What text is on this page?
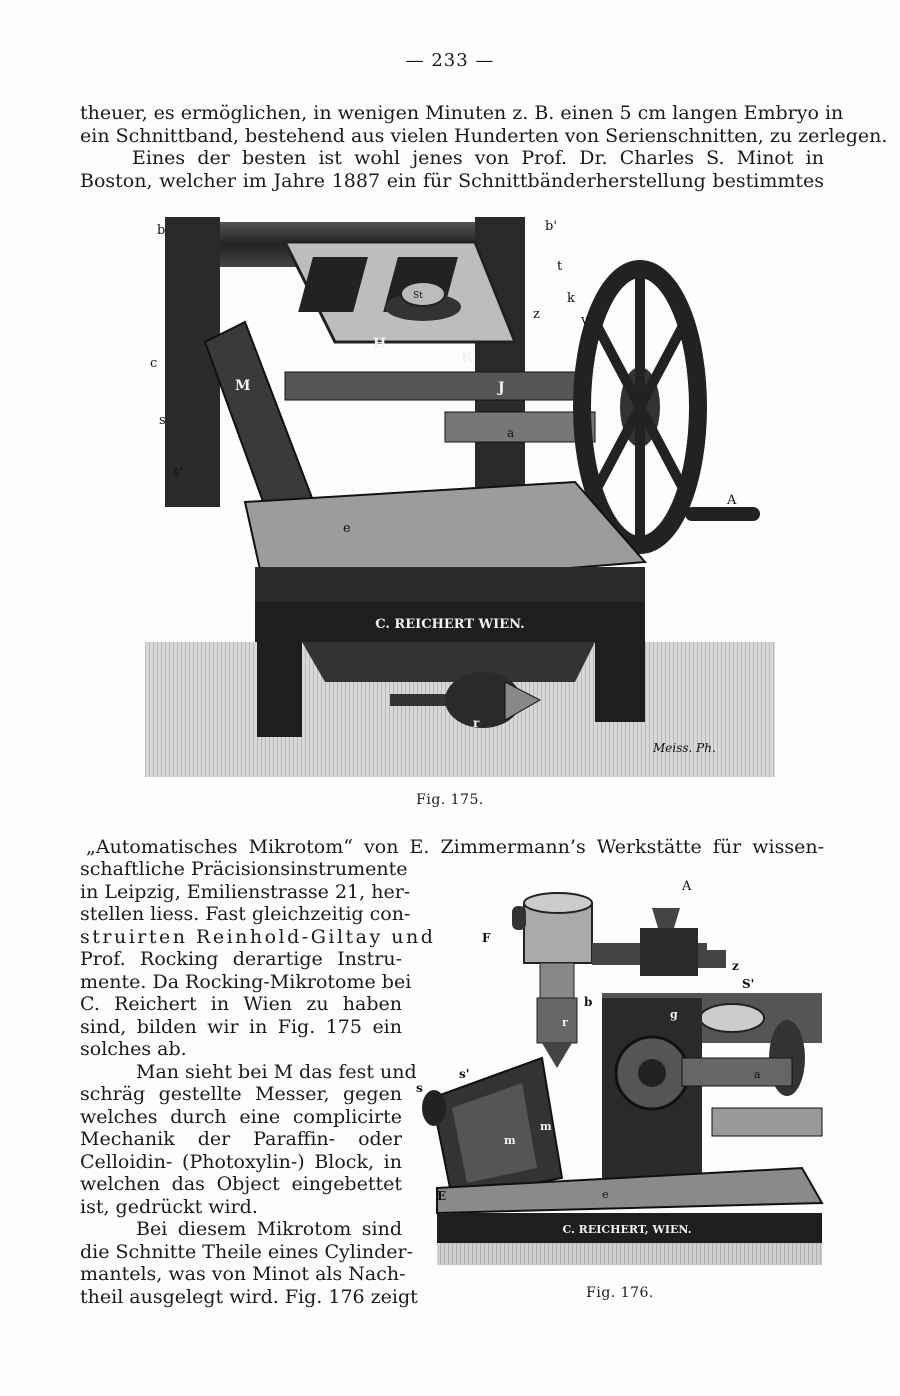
— 233 —
theuer, es ermöglichen, in wenigen Minuten z. B. einen 5 cm langen Embryo in
ein Schnittband, bestehend aus vielen Hunderten von Serienschnitten, zu zerlegen.
Eines der besten ist wohl jenes von Prof. Dr. Charles S. Minot in
Boston, welcher im Jahre 1887 ein für Schnittbänderherstellung bestimmtes
C. REICHERT WIEN.
b	b'
t
k
z	v
c
s
s'
M
H
K
J
a
A
e
r
St
Meiss. Ph.
Fig. 175.
„Automatisches Mikrotom“ von E. Zimmermann’s Werkstätte für wissen-
schaftliche Präcisionsinstrumente
in Leipzig, Emilienstrasse 21, her-
stellen liess. Fast gleichzeitig con-
struirten Reinhold-Giltay und
Prof. Rocking derartige Instru-
mente. Da Rocking-Mikrotome bei
C. Reichert in Wien zu haben
sind, bilden wir in Fig. 175 ein
solches ab.
Man sieht bei M das fest und
schräg gestellte Messer, gegen
welches durch eine complicirte
Mechanik der Paraffin- oder
Celloidin- (Photoxylin-) Block, in
welchen das Object eingebettet
ist, gedrückt wird.
Bei diesem Mikrotom sind
die Schnitte Theile eines Cylinder-
mantels, was von Minot als Nach-
theil ausgelegt wird. Fig. 176 zeigt
C. REICHERT, WIEN.
A
F
z
S'
b
g
r
s'
s
m
m
a
E	e
Fig. 176.
